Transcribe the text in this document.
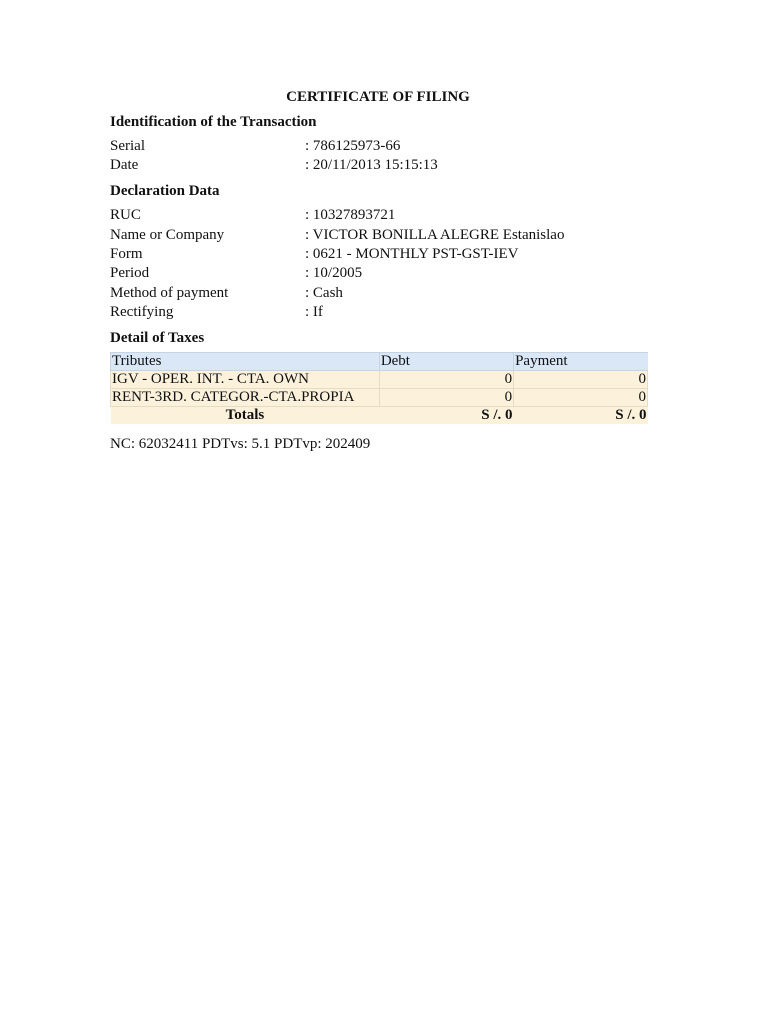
CERTIFICATE OF FILING
Identification of the Transaction
Serial	: 786125973-66
Date	: 20/11/2013 15:15:13
Declaration Data
RUC	: 10327893721
Name or Company	: VICTOR BONILLA ALEGRE Estanislao
Form	: 0621 - MONTHLY PST-GST-IEV
Period	: 10/2005
Method of payment	: Cash
Rectifying	: If
Detail of Taxes
Tributes	Debt	Payment
IGV - OPER. INT. - CTA. OWN	0	0
RENT-3RD. CATEGOR.-CTA.PROPIA	0	0
Totals	S /. 0	S /. 0
NC: 62032411 PDTvs: 5.1 PDTvp: 202409
